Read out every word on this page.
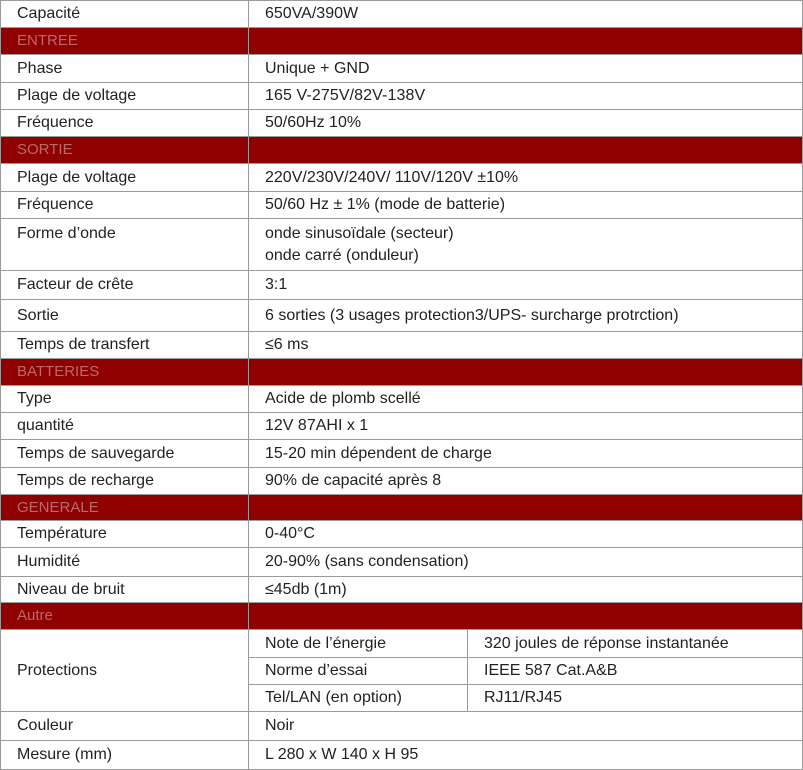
Capacité	650VA/390W	
ENTREE		
Phase	Unique + GND	
Plage de voltage	165 V-275V/82V-138V	
Fréquence	50/60Hz 10%	
SORTIE		
Plage de voltage	220V/230V/240V/ 110V/120V ±10%	
Fréquence	50/60 Hz ± 1% (mode de batterie)	
Forme d’onde	onde sinusoïdale (secteur)
onde carré (onduleur)	

Facteur de crête	3:1	
Sortie	6 sorties (3 usages protection3/UPS- surcharge protrction)	
Temps de transfert	≤6 ms	
BATTERIES		
Type	Acide de plomb scellé	
quantité	12V 87AHI x 1	
Temps de sauvegarde	15-20 min dépendent de charge	
Temps de recharge	90% de capacité après 8	
GENERALE		
Température	0-40°C	
Humidité	20-90% (sans condensation)	
Niveau de bruit	≤45db (1m)	
Autre		
Protections	Note de l’énergie	320 joules de réponse instantanée
	Norme d’essai	IEEE 587 Cat.A&B
	Tel/LAN (en option)	RJ11/RJ45
Couleur	Noir	
Mesure (mm)	L 280 x W 140 x H 95	
